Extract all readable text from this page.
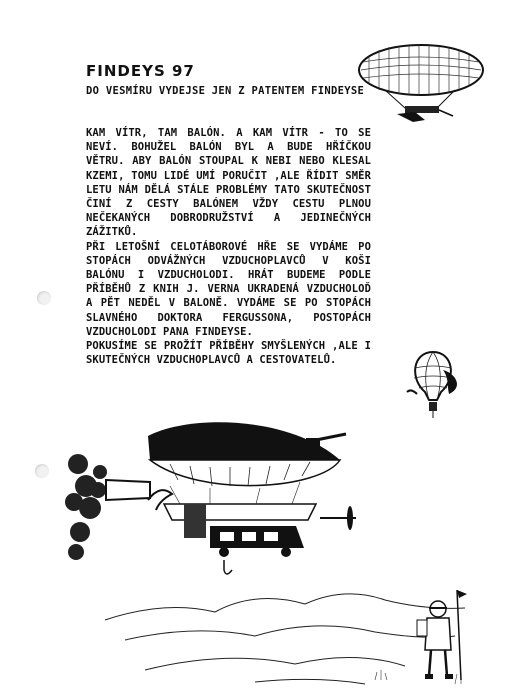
FINDEYS 97
DO VESMÍRU VYDEJSE JEN Z PATENTEM FINDEYSE

KAM VÍTR, TAM BALÓN. A KAM VÍTR - TO SE NEVÍ. BOHUŽEL BALÓN BYL A BUDE HŘÍČKOU VĚTRU. ABY BALÓN STOUPAL K NEBI NEBO KLESAL KZEMI, TOMU LIDÉ UMÍ PORUČIT ,ALE ŘÍDIT SMĚR LETU NÁM DĚLÁ STÁLE PROBLÉMY TATO SKUTEČNOST ČINÍ Z CESTY BALÓNEM VŽDY CESTU PLNOU NEČEKANÝCH DOBRODRUŽSTVÍ A JEDINEČNÝCH ZÁŽITKŮ.

PŘI LETOŠNÍ CELOTÁBOROVÉ HŘE SE VYDÁME PO STOPÁCH ODVÁŽNÝCH VZDUCHOPLAVCŮ V KOŠI BALÓNU I VZDUCHOLODI. HRÁT BUDEME PODLE PŘÍBĚHŮ Z KNIH J. VERNA UKRADENÁ VZDUCHOLOĎ A PĚT NEDĚL V BALONĚ. VYDÁME SE PO STOPÁCH SLAVNÉHO DOKTORA FERGUSSONA, POSTOPÁCH VZDUCHOLODI PANA FINDEYSE.

POKUSÍME SE PROŽÍT PŘÍBĚHY SMYŠLENÝCH ,ALE I SKUTEČNÝCH VZDUCHOPLAVCŮ A CESTOVATELŮ.
